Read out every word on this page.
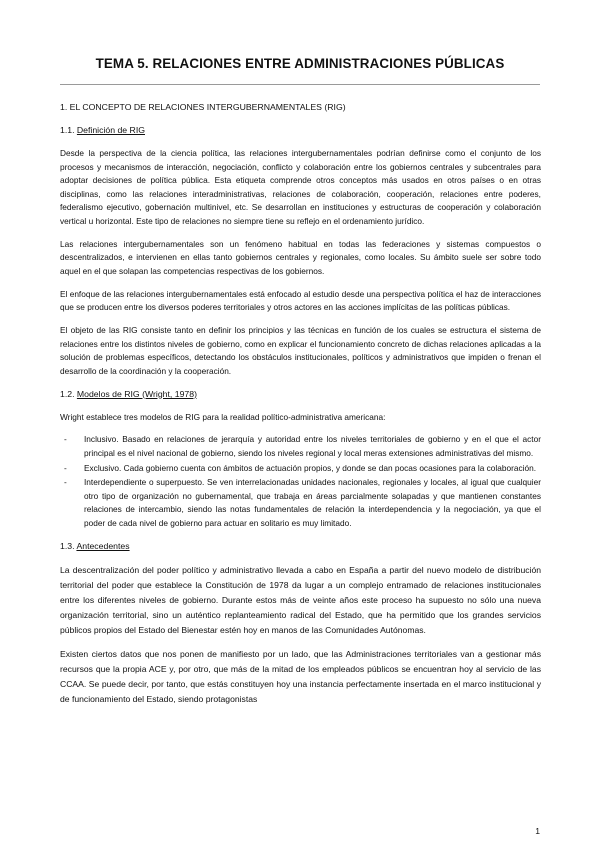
TEMA 5. RELACIONES ENTRE ADMINISTRACIONES PÚBLICAS
1. EL CONCEPTO DE RELACIONES INTERGUBERNAMENTALES (RIG)
1.1. Definición de RIG

Desde la perspectiva de la ciencia política, las relaciones intergubernamentales podrían definirse como el conjunto de los procesos y mecanismos de interacción, negociación, conflicto y colaboración entre los gobiernos centrales y subcentrales para adoptar decisiones de política pública. Esta etiqueta comprende otros conceptos más usados en otros países o en otras disciplinas, como las relaciones interadministrativas, relaciones de colaboración, cooperación, relaciones entre poderes, federalismo ejecutivo, gobernación multinivel, etc. Se desarrollan en instituciones y estructuras de cooperación y colaboración vertical u horizontal. Este tipo de relaciones no siempre tiene su reflejo en el ordenamiento jurídico.

Las relaciones intergubernamentales son un fenómeno habitual en todas las federaciones y sistemas compuestos o descentralizados, e intervienen en ellas tanto gobiernos centrales y regionales, como locales. Su ámbito suele ser sobre todo aquel en el que solapan las competencias respectivas de los gobiernos.

El enfoque de las relaciones intergubernamentales está enfocado al estudio desde una perspectiva política el haz de interacciones que se producen entre los diversos poderes territoriales y otros actores en las acciones implícitas de las políticas públicas.

El objeto de las RIG consiste tanto en definir los principios y las técnicas en función de los cuales se estructura el sistema de relaciones entre los distintos niveles de gobierno, como en explicar el funcionamiento concreto de dichas relaciones aplicadas a la solución de problemas específicos, detectando los obstáculos institucionales, políticos y administrativos que impiden o frenan el desarrollo de la coordinación y la cooperación.

1.2. Modelos de RIG (Wright, 1978)

Wright establece tres modelos de RIG para la realidad político-administrativa americana:

- Inclusivo. Basado en relaciones de jerarquía y autoridad entre los niveles territoriales de gobierno y en el que el actor principal es el nivel nacional de gobierno, siendo los niveles regional y local meras extensiones administrativas del mismo.
- Exclusivo. Cada gobierno cuenta con ámbitos de actuación propios, y donde se dan pocas ocasiones para la colaboración.
- Interdependiente o superpuesto. Se ven interrelacionadas unidades nacionales, regionales y locales, al igual que cualquier otro tipo de organización no gubernamental, que trabaja en áreas parcialmente solapadas y que mantienen constantes relaciones de intercambio, siendo las notas fundamentales de relación la interdependencia y la negociación, ya que el poder de cada nivel de gobierno para actuar en solitario es muy limitado.
1.3. Antecedentes

La descentralización del poder político y administrativo llevada a cabo en España a partir del nuevo modelo de distribución territorial del poder que establece la Constitución de 1978 da lugar a un complejo entramado de relaciones institucionales entre los diferentes niveles de gobierno. Durante estos más de veinte años este proceso ha supuesto no sólo una nueva organización territorial, sino un auténtico replanteamiento radical del Estado, que ha permitido que los grandes servicios públicos propios del Estado del Bienestar estén hoy en manos de las Comunidades Autónomas.

Existen ciertos datos que nos ponen de manifiesto por un lado, que las Administraciones territoriales van a gestionar más recursos que la propia ACE y, por otro, que más de la mitad de los empleados públicos se encuentran hoy al servicio de las CCAA. Se puede decir, por tanto, que estás constituyen hoy una instancia perfectamente insertada en el marco institucional y de funcionamiento del Estado, siendo protagonistas

1
